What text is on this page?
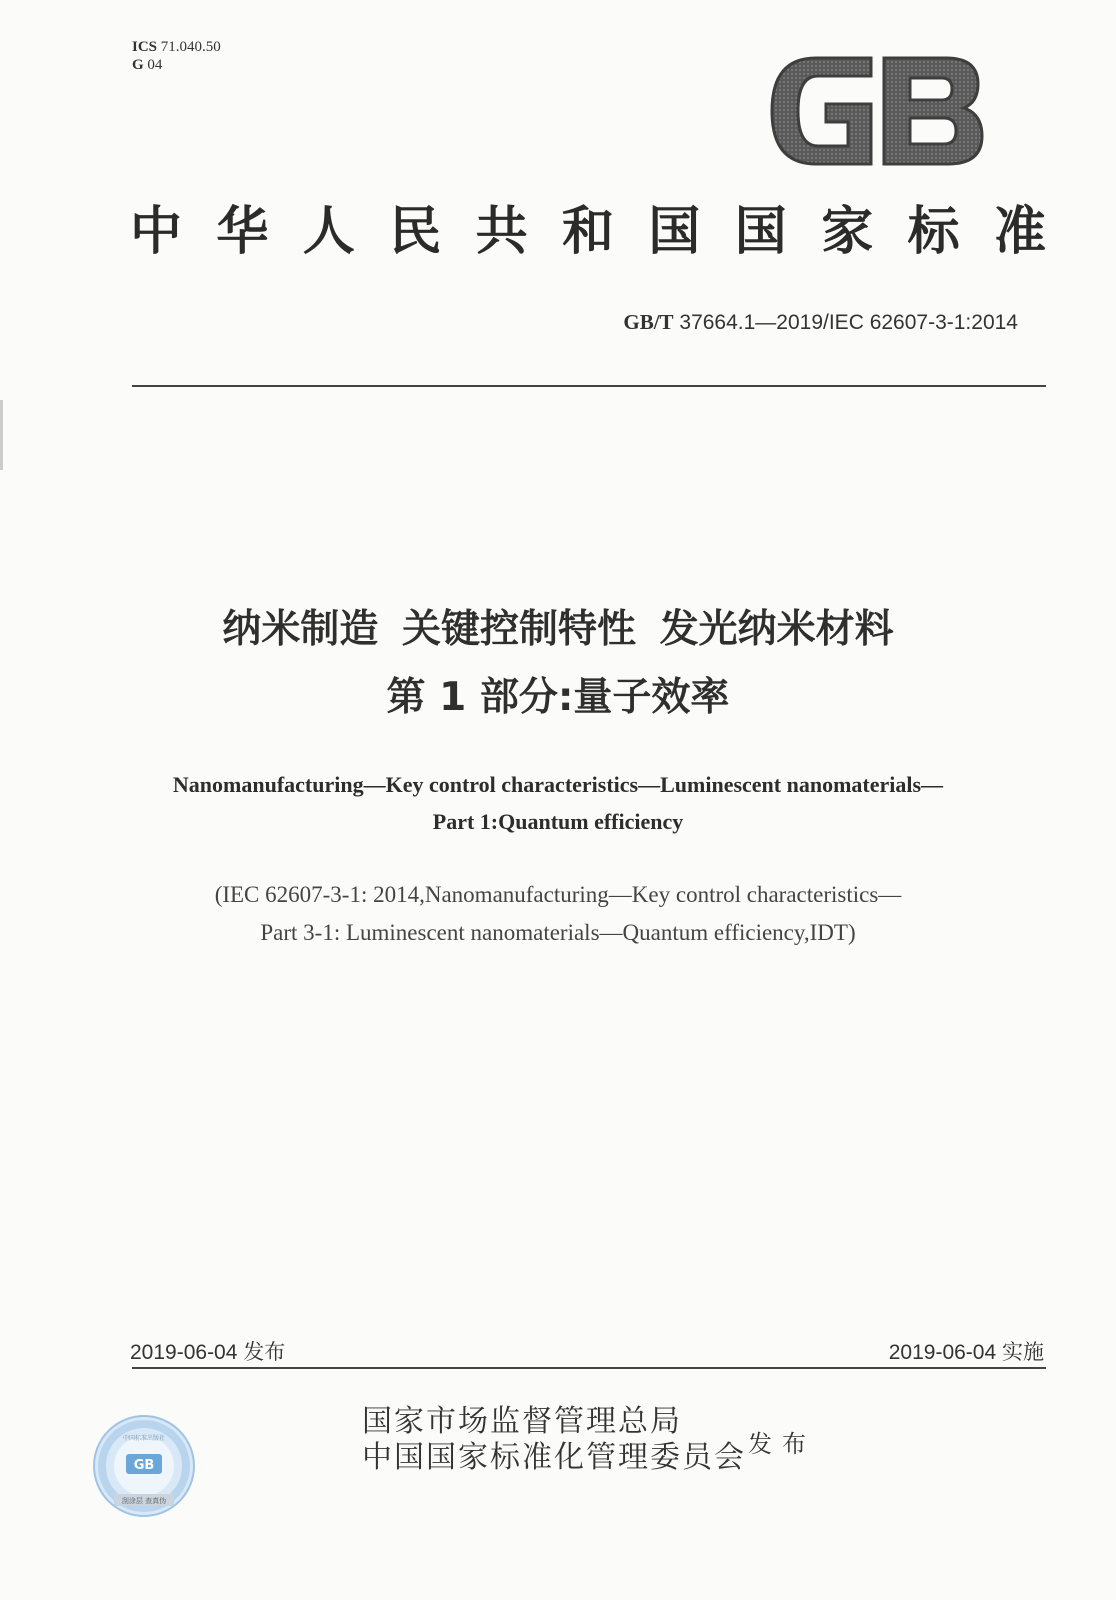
ICS 71.040.50
G 04
中华人民共和国国家标准
GB/T 37664.1—2019/IEC 62607-3-1:2014
纳米制造 关键控制特性 发光纳米材料
第 1 部分:量子效率
Nanomanufacturing—Key control characteristics—Luminescent nanomaterials—
Part 1:Quantum efficiency
(IEC 62607-3-1: 2014,Nanomanufacturing—Key control characteristics—
Part 3-1: Luminescent nanomaterials—Quantum efficiency,IDT)
2019-06-04 发布	2019-06-04 实施
GB
中国标准出版社
刮涂层 查真伪
国家市场监督管理总局
中国国家标准化管理委员会 发布
